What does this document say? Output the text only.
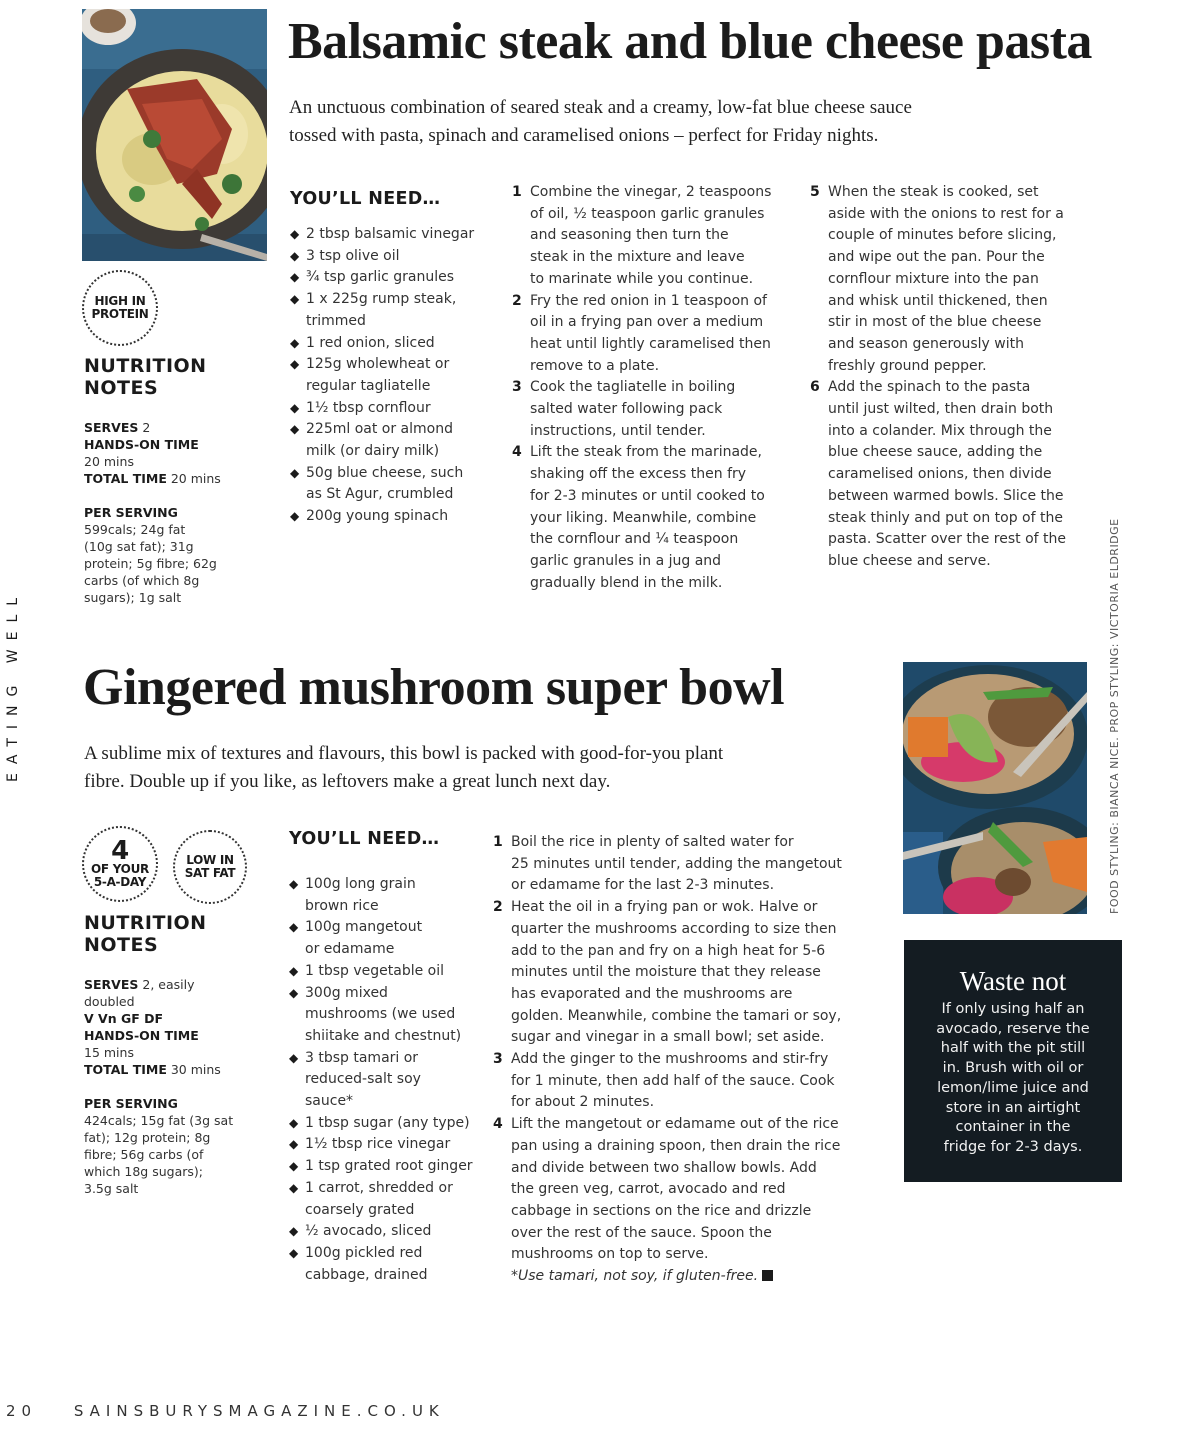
Balsamic steak and blue cheese pasta
An unctuous combination of seared steak and a creamy, low-fat blue cheese sauce
tossed with pasta, spinach and caramelised onions – perfect for Friday nights.
HIGH IN
PROTEIN
NUTRITION
NOTES
SERVES 2
HANDS-ON TIME
20 mins
TOTAL TIME 20 mins
PER SERVING
599cals; 24g fat
(10g sat fat); 31g
protein; 5g fibre; 62g
carbs (of which 8g
sugars); 1g salt
YOU’LL NEED…
◆ 2 tbsp balsamic vinegar
◆ 3 tsp olive oil
◆ ¾ tsp garlic granules
◆ 1 x 225g rump steak,
trimmed
◆ 1 red onion, sliced
◆ 125g wholewheat or
regular tagliatelle
◆ 1½ tbsp cornflour
◆ 225ml oat or almond
milk (or dairy milk)
◆ 50g blue cheese, such
as St Agur, crumbled
◆ 200g young spinach
1 Combine the vinegar, 2 teaspoons
of oil, ½ teaspoon garlic granules
and seasoning then turn the
steak in the mixture and leave
to marinate while you continue.
2 Fry the red onion in 1 teaspoon of
oil in a frying pan over a medium
heat until lightly caramelised then
remove to a plate.
3 Cook the tagliatelle in boiling
salted water following pack
instructions, until tender.
4 Lift the steak from the marinade,
shaking off the excess then fry
for 2-3 minutes or until cooked to
your liking. Meanwhile, combine
the cornflour and ¼ teaspoon
garlic granules in a jug and
gradually blend in the milk.
5 When the steak is cooked, set
aside with the onions to rest for a
couple of minutes before slicing,
and wipe out the pan. Pour the
cornflour mixture into the pan
and whisk until thickened, then
stir in most of the blue cheese
and season generously with
freshly ground pepper.
6 Add the spinach to the pasta
until just wilted, then drain both
into a colander. Mix through the
blue cheese sauce, adding the
caramelised onions, then divide
between warmed bowls. Slice the
steak thinly and put on top of the
pasta. Scatter over the rest of the
blue cheese and serve.	FOOD STYLING: BIANCA NICE. PROP STYLING: VICTORIA ELDRIDGE
EATING WELL Gingered mushroom super bowl
A sublime mix of textures and flavours, this bowl is packed with good-for-you plant
fibre. Double up if you like, as leftovers make a great lunch next day.
4
OF YOUR
5-A-DAY
LOW IN
SAT FAT
NUTRITION
NOTES
SERVES 2, easily
doubled
V Vn GF DF
HANDS-ON TIME
15 mins
TOTAL TIME 30 mins
PER SERVING
424cals; 15g fat (3g sat
fat); 12g protein; 8g
fibre; 56g carbs (of
which 18g sugars);
3.5g salt
YOU’LL NEED…
◆ 100g long grain
brown rice
◆ 100g mangetout
or edamame
◆ 1 tbsp vegetable oil
◆ 300g mixed
mushrooms (we used
shiitake and chestnut)
◆ 3 tbsp tamari or
reduced-salt soy
sauce*
◆ 1 tbsp sugar (any type)
◆ 1½ tbsp rice vinegar
◆ 1 tsp grated root ginger
◆ 1 carrot, shredded or
coarsely grated
◆ ½ avocado, sliced
◆ 100g pickled red
cabbage, drained
1 Boil the rice in plenty of salted water for
25 minutes until tender, adding the mangetout
or edamame for the last 2-3 minutes.
2 Heat the oil in a frying pan or wok. Halve or
quarter the mushrooms according to size then
add to the pan and fry on a high heat for 5-6
minutes until the moisture that they release
has evaporated and the mushrooms are
golden. Meanwhile, combine the tamari or soy,
sugar and vinegar in a small bowl; set aside.
3 Add the ginger to the mushrooms and stir-fry
for 1 minute, then add half of the sauce. Cook
for about 2 minutes.
4 Lift the mangetout or edamame out of the rice
pan using a draining spoon, then drain the rice
and divide between two shallow bowls. Add
the green veg, carrot, avocado and red
cabbage in sections on the rice and drizzle
over the rest of the sauce. Spoon the
mushrooms on top to serve.
*Use tamari, not soy, if gluten-free.
Waste not

If only using half an
avocado, reserve the
half with the pit still
in. Brush with oil or
lemon/lime juice and
store in an airtight
container in the
fridge for 2-3 days.

20 SAINSBURYSMAGAZINE.CO.UK
